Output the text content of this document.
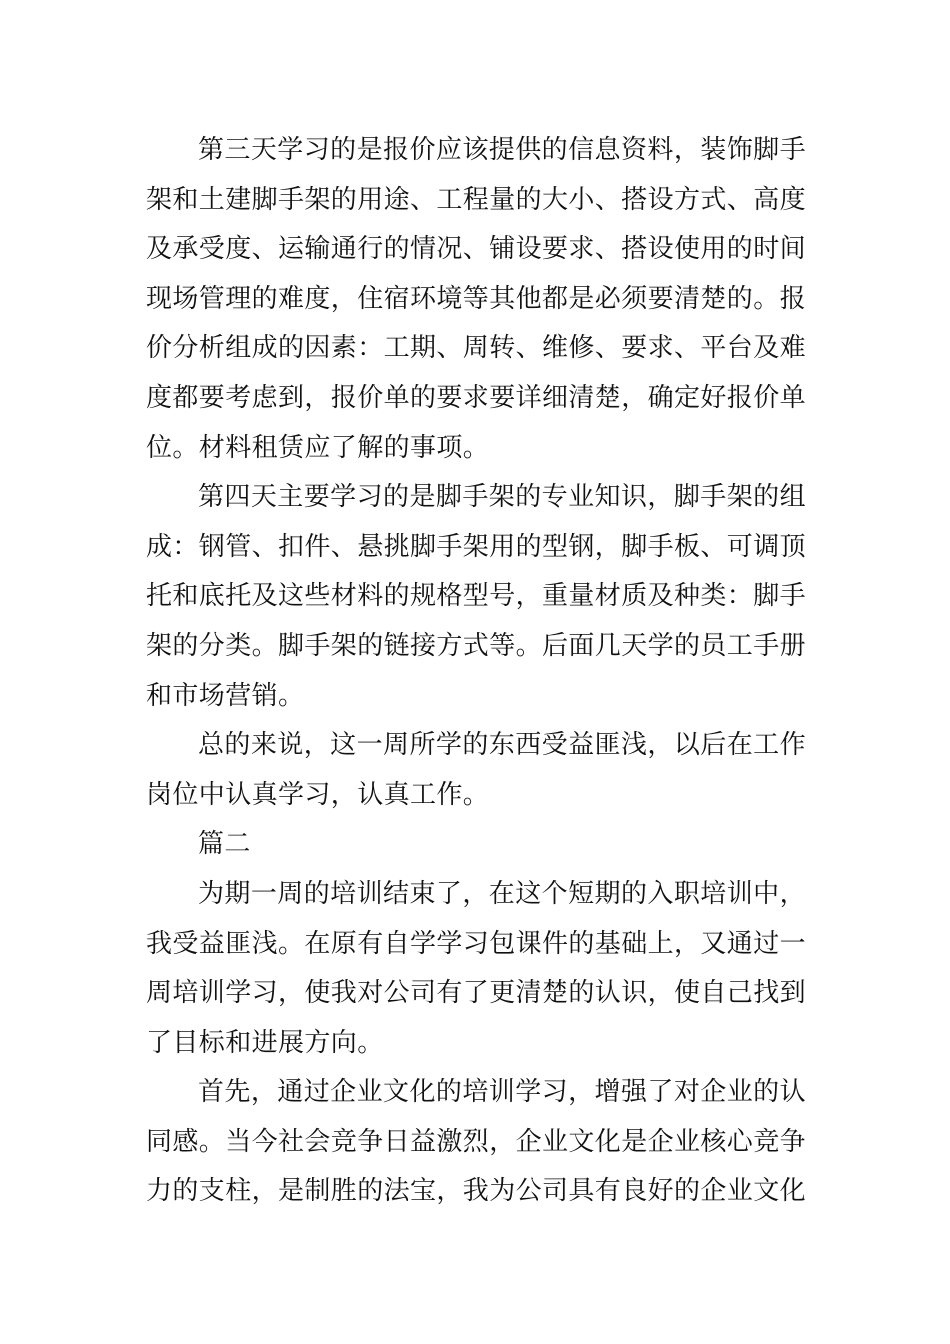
第三天学习的是报价应该提供的信息资料，装饰脚手架和土建脚手架的用途、工程量的大小、搭设方式、高度及承受度、运输通行的情况、铺设要求、搭设使用的时间现场管理的难度，住宿环境等其他都是必须要清楚的。报价分析组成的因素：工期、周转、维修、要求、平台及难度都要考虑到，报价单的要求要详细清楚，确定好报价单位。材料租赁应了解的事项。

第四天主要学习的是脚手架的专业知识，脚手架的组成：钢管、扣件、悬挑脚手架用的型钢，脚手板、可调顶托和底托及这些材料的规格型号，重量材质及种类：脚手架的分类。脚手架的链接方式等。后面几天学的员工手册和市场营销。

总的来说，这一周所学的东西受益匪浅，以后在工作岗位中认真学习，认真工作。

篇二

为期一周的培训结束了，在这个短期的入职培训中，我受益匪浅。在原有自学学习包课件的基础上，又通过一周培训学习，使我对公司有了更清楚的认识，使自己找到了目标和进展方向。

首先，通过企业文化的培训学习，增强了对企业的认同感。当今社会竞争日益激烈，企业文化是企业核心竞争力的支柱，是制胜的法宝，我为公司具有良好的企业文化
